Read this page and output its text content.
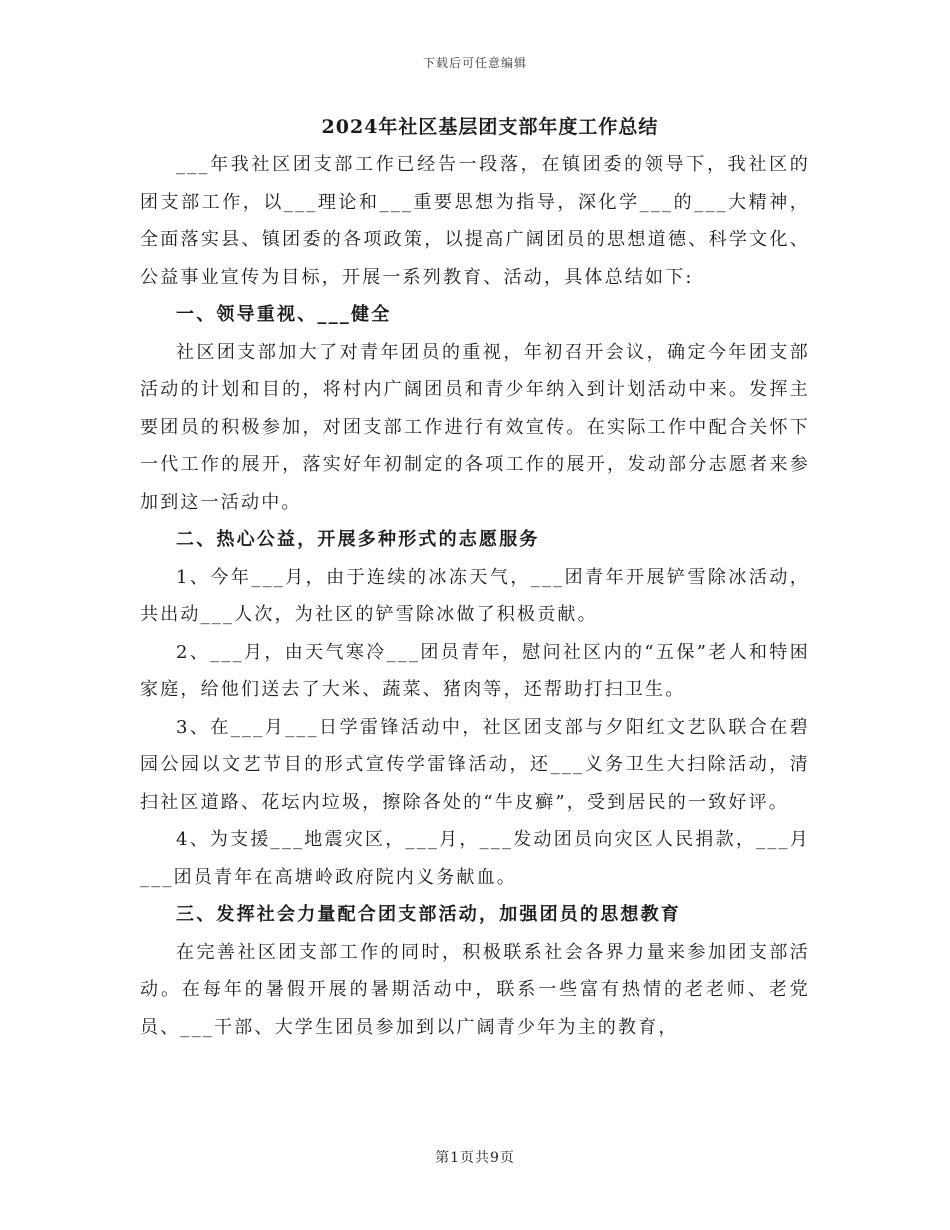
下载后可任意编辑
2024年社区基层团支部年度工作总结

___年我社区团支部工作已经告一段落，在镇团委的领导下，我社区的团支部工作，以___理论和___重要思想为指导，深化学___的___大精神，全面落实县、镇团委的各项政策，以提高广阔团员的思想道德、科学文化、公益事业宣传为目标，开展一系列教育、活动，具体总结如下:

一、领导重视、___健全

社区团支部加大了对青年团员的重视，年初召开会议，确定今年团支部活动的计划和目的，将村内广阔团员和青少年纳入到计划活动中来。发挥主要团员的积极参加，对团支部工作进行有效宣传。在实际工作中配合关怀下一代工作的展开，落实好年初制定的各项工作的展开，发动部分志愿者来参加到这一活动中。

二、热心公益，开展多种形式的志愿服务

1、今年___月，由于连续的冰冻天气，___团青年开展铲雪除冰活动，共出动___人次，为社区的铲雪除冰做了积极贡献。

2、___月，由天气寒冷___团员青年，慰问社区内的“五保”老人和特困家庭，给他们送去了大米、蔬菜、猪肉等，还帮助打扫卫生。

3、在___月___日学雷锋活动中，社区团支部与夕阳红文艺队联合在碧园公园以文艺节目的形式宣传学雷锋活动，还___义务卫生大扫除活动，清扫社区道路、花坛内垃圾，擦除各处的“牛皮癣”，受到居民的一致好评。

4、为支援___地震灾区，___月，___发动团员向灾区人民捐款，___月___团员青年在高塘岭政府院内义务献血。

三、发挥社会力量配合团支部活动，加强团员的思想教育

在完善社区团支部工作的同时，积极联系社会各界力量来参加团支部活动。在每年的暑假开展的暑期活动中，联系一些富有热情的老老师、老党员、___干部、大学生团员参加到以广阔青少年为主的教育，

第1页共9页
